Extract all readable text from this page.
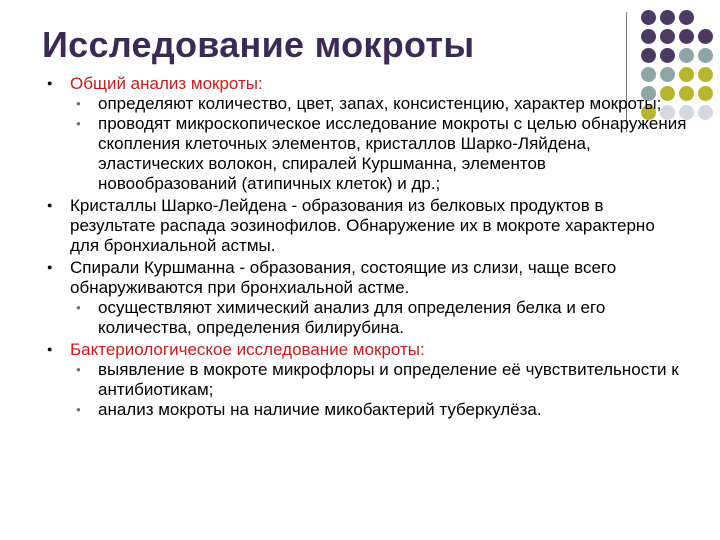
Исследование мокроты
● Общий анализ мокроты:
● определяют количество, цвет, запах, консистенцию, характер мокроты;
● проводят микроскопическое исследование мокроты с целью обнаружения скопления клеточных элементов, кристаллов Шарко-Ляйдена, эластических волокон, спиралей Куршманна, элементов новообразований (атипичных клеток) и др.;
● Кристаллы Шарко-Лейдена - образования из белковых продуктов в результате распада эозинофилов. Обнаружение их в мокроте характерно для бронхиальной астмы.
● Спирали Куршманна - образования, состоящие из слизи, чаще всего обнаруживаются при бронхиальной астме.
● осуществляют химический анализ для определения белка и его количества, определения билирубина.
● Бактериологическое исследование мокроты:
● выявление в мокроте микрофлоры и определение её чувствительности к антибиотикам;
● анализ мокроты на наличие микобактерий туберкулёза.
